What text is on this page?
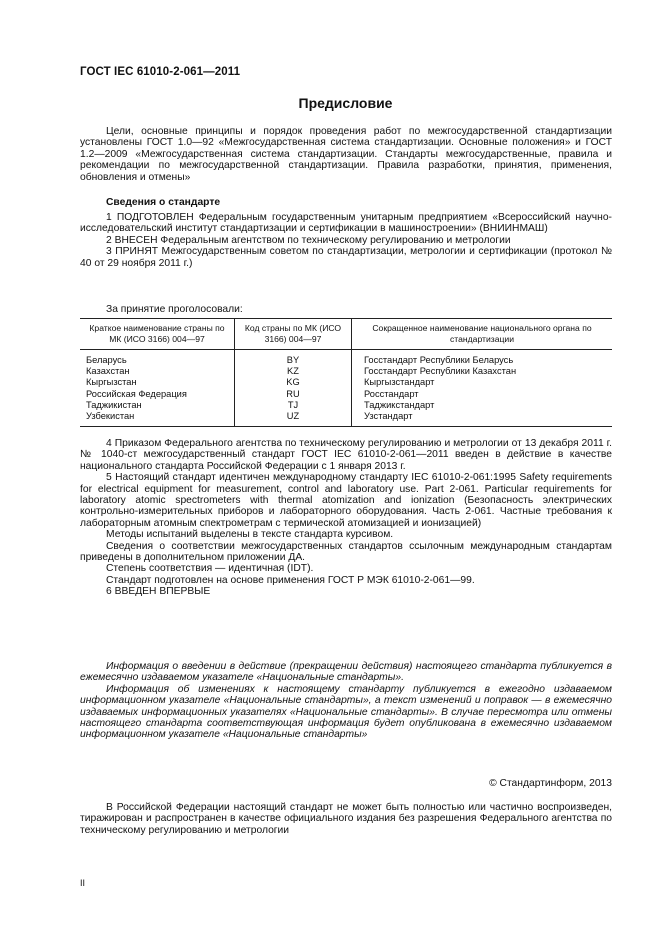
ГОСТ IEC 61010-2-061—2011
Предисловие

Цели, основные принципы и порядок проведения работ по межгосударственной стандартизации установлены ГОСТ 1.0—92 «Межгосударственная система стандартизации. Основные положения» и ГОСТ 1.2—2009 «Межгосударственная система стандартизации. Стандарты межгосударственные, правила и рекомендации по межгосударственной стандартизации. Правила разработки, принятия, применения, обновления и отмены»

Сведения о стандарте

1 ПОДГОТОВЛЕН Федеральным государственным унитарным предприятием «Всероссийский научно-исследовательский институт стандартизации и сертификации в машиностроении» (ВНИИНМАШ)

2 ВНЕСЕН Федеральным агентством по техническому регулированию и метрологии

3 ПРИНЯТ Межгосударственным советом по стандартизации, метрологии и сертификации (протокол № 40 от 29 ноября 2011 г.)

За принятие проголосовали:
Краткое наименование страны по МК (ИСО 3166) 004—97	Код страны по МК (ИСО 3166) 004—97	Сокращенное наименование национального органа по стандартизации
Беларусь	BY	Госстандарт Республики Беларусь
Казахстан	KZ	Госстандарт Республики Казахстан
Кыргызстан	KG	Кыргызстандарт
Российская Федерация	RU	Росстандарт
Таджикистан	TJ	Таджикстандарт
Узбекистан	UZ	Узстандарт

4 Приказом Федерального агентства по техническому регулированию и метрологии от 13 декабря 2011 г. № 1040-ст межгосударственный стандарт ГОСТ IEC 61010-2-061—2011 введен в действие в качестве национального стандарта Российской Федерации с 1 января 2013 г.

5 Настоящий стандарт идентичен международному стандарту IEC 61010-2-061:1995 Safety requirements for electrical equipment for measurement, control and laboratory use. Part 2-061. Particular requirements for laboratory atomic spectrometers with thermal atomization and ionization (Безопасность электрических контрольно-измерительных приборов и лабораторного оборудования. Часть 2-061. Частные требования к лабораторным атомным спектрометрам с термической атомизацией и ионизацией)

Методы испытаний выделены в тексте стандарта курсивом.

Сведения о соответствии межгосударственных стандартов ссылочным международным стандартам приведены в дополнительном приложении ДА.

Степень соответствия — идентичная (IDT).

Стандарт подготовлен на основе применения ГОСТ Р МЭК 61010-2-061—99.

6 ВВЕДЕН ВПЕРВЫЕ

Информация о введении в действие (прекращении действия) настоящего стандарта публикуется в ежемесячно издаваемом указателе «Национальные стандарты».

Информация об изменениях к настоящему стандарту публикуется в ежегодно издаваемом информационном указателе «Национальные стандарты», а текст изменений и поправок — в ежемесячно издаваемых информационных указателях «Национальные стандарты». В случае пересмотра или отмены настоящего стандарта соответствующая информация будет опубликована в ежемесячно издаваемом информационном указателе «Национальные стандарты»

© Стандартинформ, 2013

В Российской Федерации настоящий стандарт не может быть полностью или частично воспроизведен, тиражирован и распространен в качестве официального издания без разрешения Федерального агентства по техническому регулированию и метрологии

II
